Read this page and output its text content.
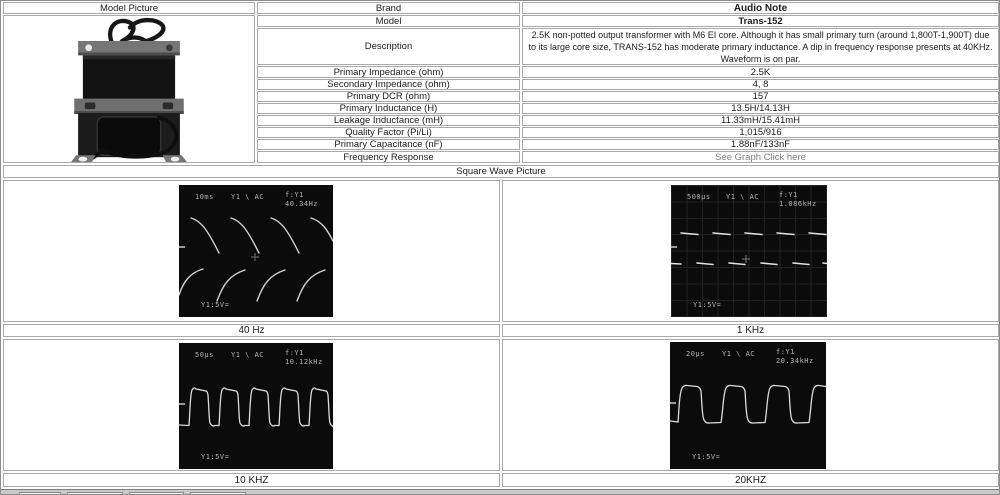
Model Picture	Brand	Audio Note
Model	Trans-152
Description
2.5K non-potted output transformer with M6 EI core. Although it has small primary turn (around 1,800T-1,900T) due to its large core size, TRANS-152 has moderate primary inductance. A dip in frequency response presents at 40KHz. Waveform is on par.
Primary Impedance (ohm)	2.5K
Secondary Impedance (ohm)	4, 8
Primary DCR (ohm)	157
Primary Inductance (H)	13.5H/14.13H
Leakage Inductance (mH)	11.33mH/15.41mH
Quality Factor (Pi/Li)	1,015/916
Primary Capacitance (nF)	1.88nF/133nF
Frequency Response	See Graph Click here
Square Wave Picture
10ms Y1 \ AC	f:Y1
40.34Hz
Y1:5V=
500µs Y1 \ AC	f:Y1
1.086kHz
Y1:5V=
40 Hz	1 KHz
50µs Y1 \ AC	f:Y1
10.12kHz
Y1:5V=
20µs Y1 \ AC	f:Y1
20.34kHz
Y1:5V=
10 KHZ	20KHZ
